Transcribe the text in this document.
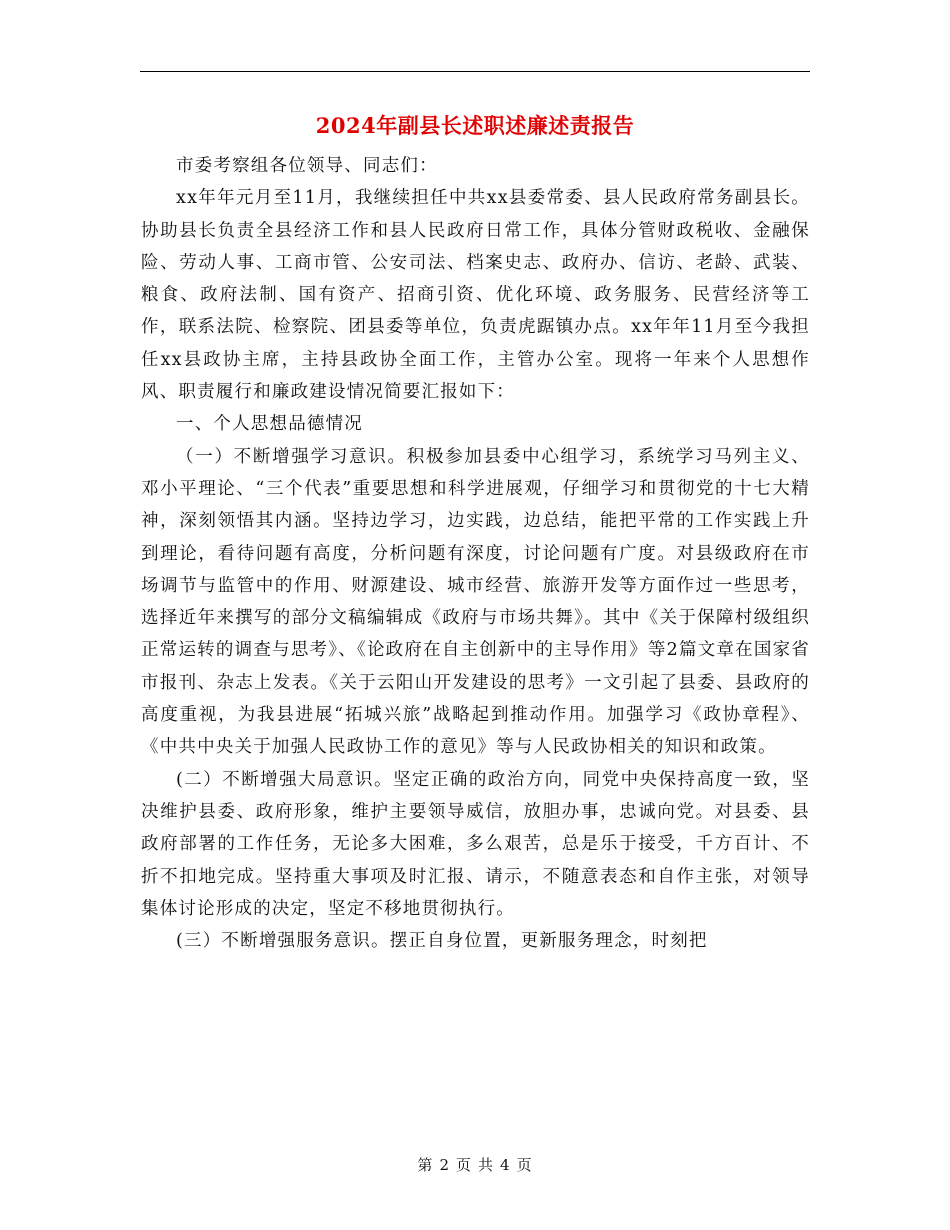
2024年副县长述职述廉述责报告

市委考察组各位领导、同志们：

xx年年元月至11月，我继续担任中共xx县委常委、县人民政府常务副县长。协助县长负责全县经济工作和县人民政府日常工作，具体分管财政税收、金融保险、劳动人事、工商市管、公安司法、档案史志、政府办、信访、老龄、武装、粮食、政府法制、国有资产、招商引资、优化环境、政务服务、民营经济等工作，联系法院、检察院、团县委等单位，负责虎踞镇办点。xx年年11月至今我担任xx县政协主席，主持县政协全面工作，主管办公室。现将一年来个人思想作风、职责履行和廉政建设情况简要汇报如下：

一、个人思想品德情况

（一）不断增强学习意识。积极参加县委中心组学习，系统学习马列主义、邓小平理论、“三个代表”重要思想和科学进展观，仔细学习和贯彻党的十七大精神，深刻领悟其内涵。坚持边学习，边实践，边总结，能把平常的工作实践上升到理论，看待问题有高度，分析问题有深度，讨论问题有广度。对县级政府在市场调节与监管中的作用、财源建设、城市经营、旅游开发等方面作过一些思考，选择近年来撰写的部分文稿编辑成《政府与市场共舞》。其中《关于保障村级组织正常运转的调查与思考》、《论政府在自主创新中的主导作用》等2篇文章在国家省市报刊、杂志上发表。《关于云阳山开发建设的思考》一文引起了县委、县政府的高度重视，为我县进展“拓城兴旅”战略起到推动作用。加强学习《政协章程》、《中共中央关于加强人民政协工作的意见》等与人民政协相关的知识和政策。

(二）不断增强大局意识。坚定正确的政治方向，同党中央保持高度一致，坚决维护县委、政府形象，维护主要领导威信，放胆办事，忠诚向党。对县委、县政府部署的工作任务，无论多大困难，多么艰苦，总是乐于接受，千方百计、不折不扣地完成。坚持重大事项及时汇报、请示，不随意表态和自作主张，对领导集体讨论形成的决定，坚定不移地贯彻执行。

(三）不断增强服务意识。摆正自身位置，更新服务理念，时刻把

第 2 页 共 4 页
